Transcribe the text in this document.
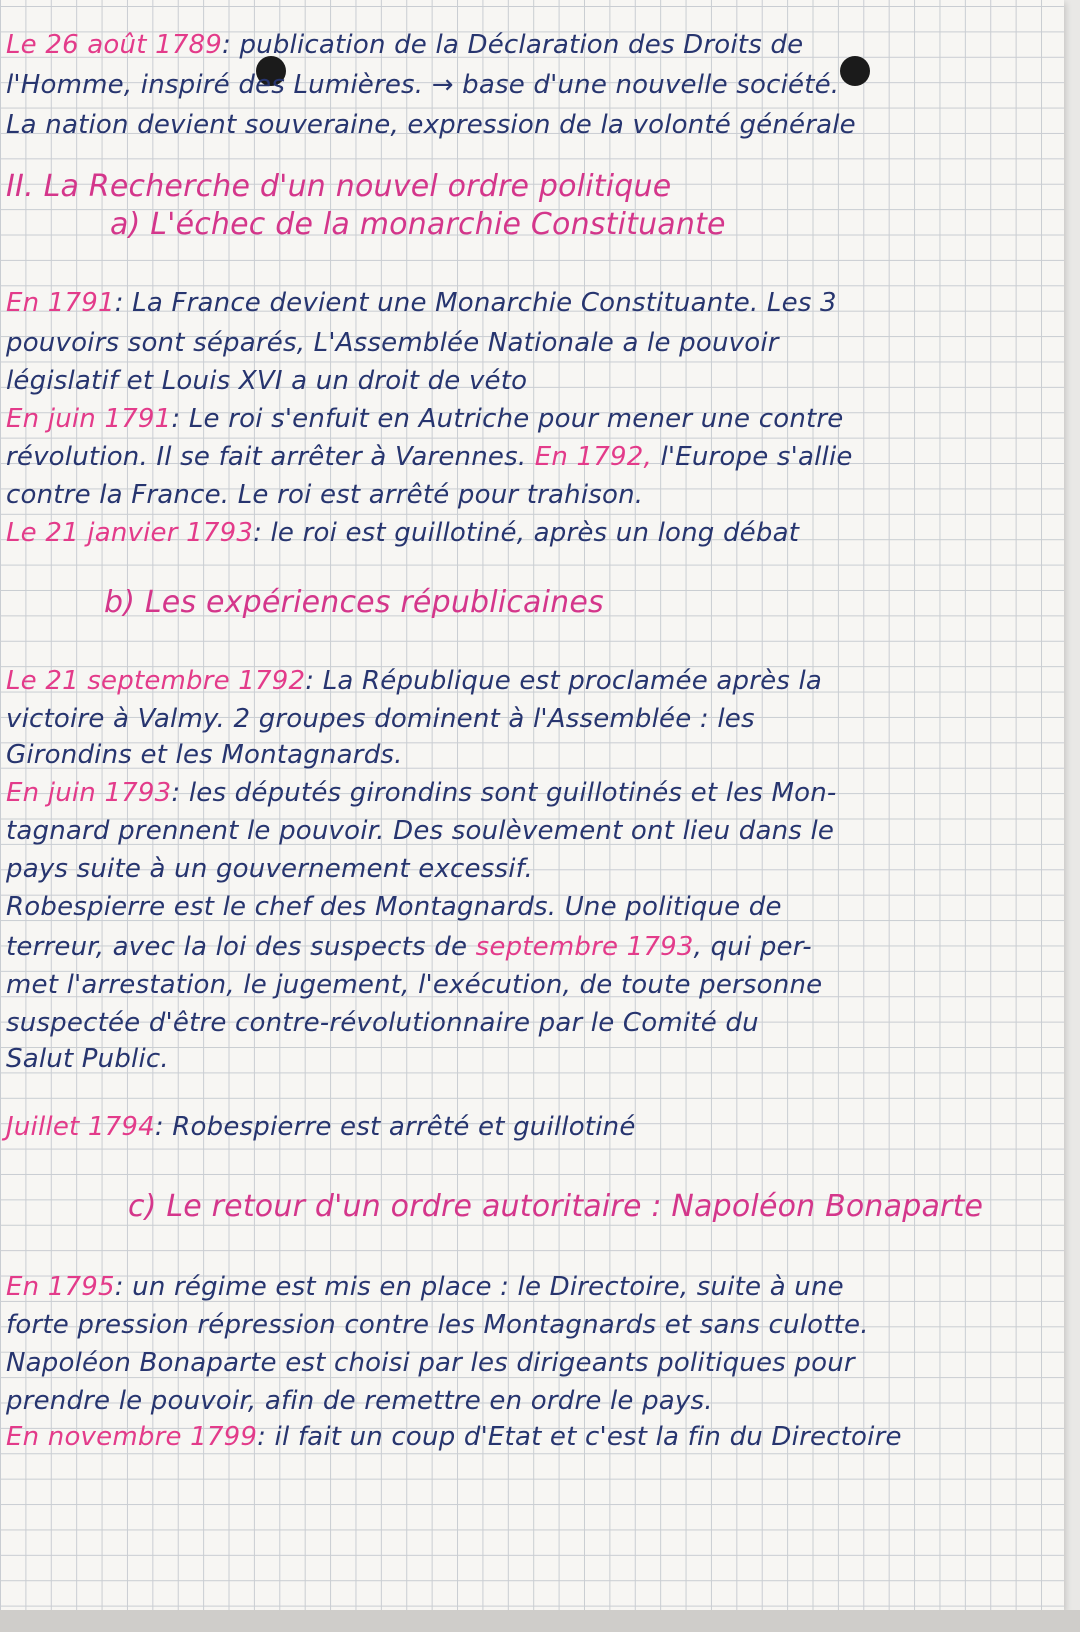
Le 26 août 1789: publication de la Déclaration des Droits de
l'Homme, inspiré des Lumières. → base d'une nouvelle société.
La nation devient souveraine, expression de la volonté générale
II. La Recherche d'un nouvel ordre politique
a) L'échec de la monarchie Constituante
En 1791: La France devient une Monarchie Constituante. Les 3
pouvoirs sont séparés, L'Assemblée Nationale a le pouvoir
législatif et Louis XVI a un droit de véto
En juin 1791: Le roi s'enfuit en Autriche pour mener une contre
révolution. Il se fait arrêter à Varennes. En 1792, l'Europe s'allie
contre la France. Le roi est arrêté pour trahison.
Le 21 janvier 1793: le roi est guillotiné, après un long débat
b) Les expériences républicaines
Le 21 septembre 1792: La République est proclamée après la
victoire à Valmy. 2 groupes dominent à l'Assemblée : les
Girondins et les Montagnards.
En juin 1793: les députés girondins sont guillotinés et les Mon-
tagnard prennent le pouvoir. Des soulèvement ont lieu dans le
pays suite à un gouvernement excessif.
Robespierre est le chef des Montagnards. Une politique de
terreur, avec la loi des suspects de septembre 1793, qui per-
met l'arrestation, le jugement, l'exécution, de toute personne
suspectée d'être contre-révolutionnaire par le Comité du
Salut Public.
Juillet 1794: Robespierre est arrêté et guillotiné
c) Le retour d'un ordre autoritaire : Napoléon Bonaparte
En 1795: un régime est mis en place : le Directoire, suite à une
forte pression répression contre les Montagnards et sans culotte.
Napoléon Bonaparte est choisi par les dirigeants politiques pour
prendre le pouvoir, afin de remettre en ordre le pays.
En novembre 1799: il fait un coup d'Etat et c'est la fin du Directoire
